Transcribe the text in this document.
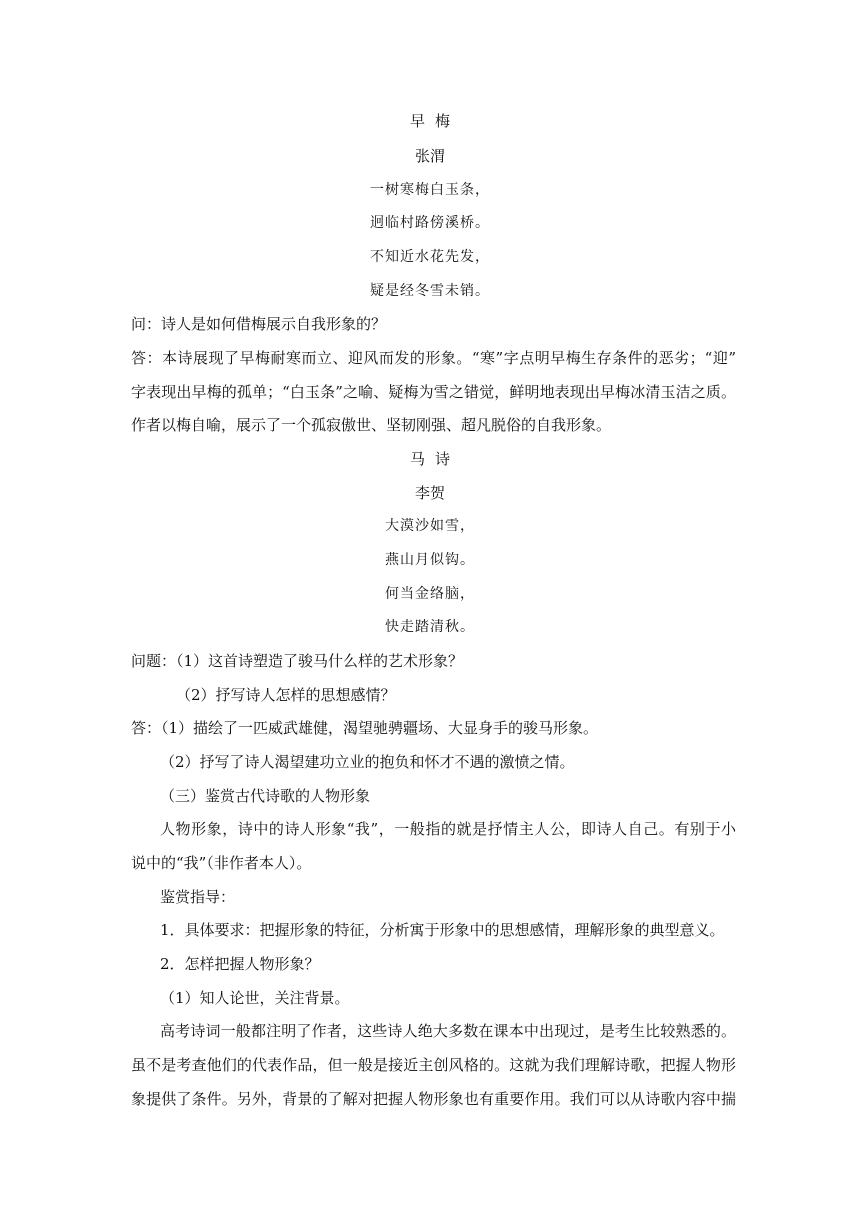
早梅
张渭
一树寒梅白玉条，
迥临村路傍溪桥。
不知近水花先发，
疑是经冬雪未销。
问：诗人是如何借梅展示自我形象的？
答：本诗展现了早梅耐寒而立、迎风而发的形象。“寒”字点明早梅生存条件的恶劣；“迎”
字表现出早梅的孤单；“白玉条”之喻、疑梅为雪之错觉，鲜明地表现出早梅冰清玉洁之质。
作者以梅自喻，展示了一个孤寂傲世、坚韧刚强、超凡脱俗的自我形象。
马诗
李贺
大漠沙如雪，
燕山月似钩。
何当金络脑，
快走踏清秋。
问题：（1）这首诗塑造了骏马什么样的艺术形象？
（2）抒写诗人怎样的思想感情？
答：（1）描绘了一匹威武雄健，渴望驰骋疆场、大显身手的骏马形象。
（2）抒写了诗人渴望建功立业的抱负和怀才不遇的激愤之情。
（三）鉴赏古代诗歌的人物形象
人物形象，诗中的诗人形象“我”，一般指的就是抒情主人公，即诗人自己。有别于小
说中的“我”（非作者本人）。
鉴赏指导：
1．具体要求：把握形象的特征，分析寓于形象中的思想感情，理解形象的典型意义。
2．怎样把握人物形象？
（1）知人论世，关注背景。
高考诗词一般都注明了作者，这些诗人绝大多数在课本中出现过，是考生比较熟悉的。
虽不是考查他们的代表作品，但一般是接近主创风格的。这就为我们理解诗歌，把握人物形
象提供了条件。另外，背景的了解对把握人物形象也有重要作用。我们可以从诗歌内容中揣
